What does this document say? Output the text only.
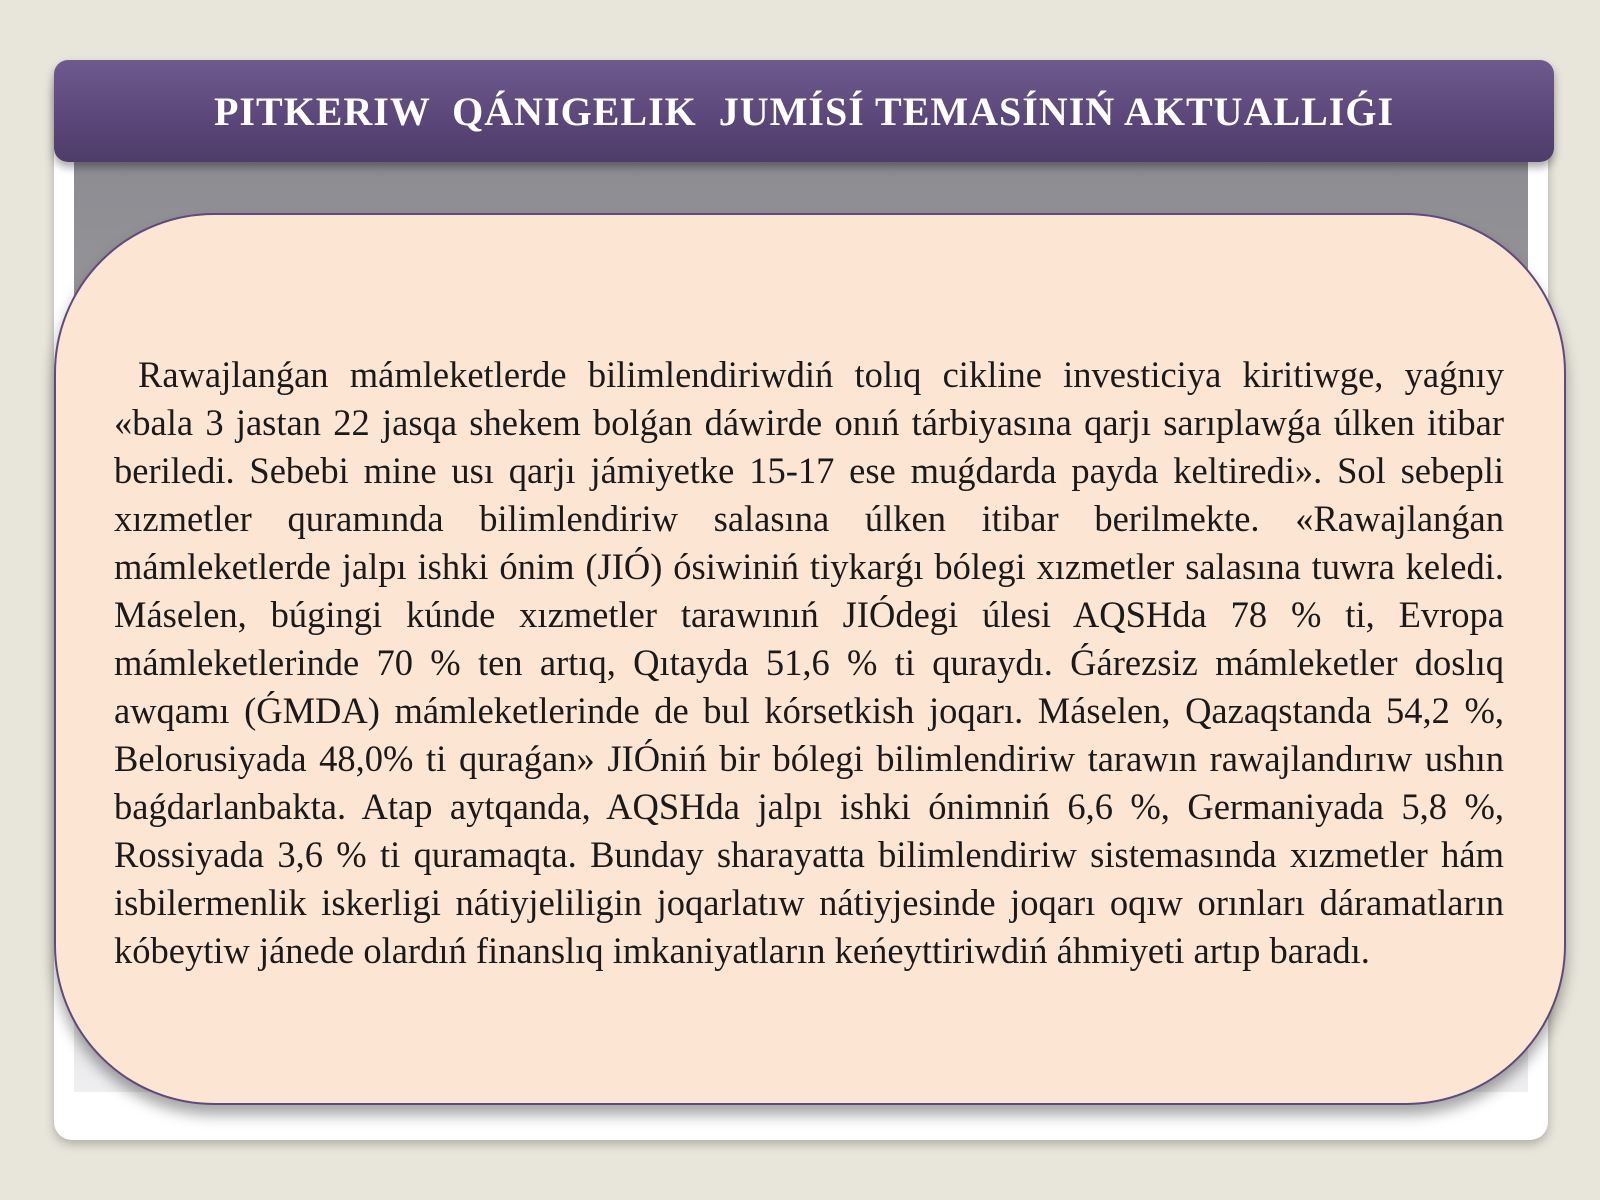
PITKERIW  QÁNIGELIK  JUMÍSÍ TEMASÍNIŃ AKTUALLIǴI

Rawajlanǵan mámleketlerde bilimlendiriwdiń tolıq cikline investiciya kiritiwge, yaǵnıy «bala 3 jastan 22 jasqa shekem bolǵan dáwirde onıń tárbiyasına qarjı sarıplawǵa úlken itibar beriledi. Sebebi mine usı qarjı jámiyetke 15-17 ese muǵdarda payda keltiredi». Sol sebepli xızmetler quramında bilimlendiriw salasına úlken itibar berilmekte. «Rawajlanǵan mámleketlerde jalpı ishki ónim (JIÓ) ósiwiniń tiykarǵı bólegi xızmetler salasına tuwra keledi. Máselen, búgingi kúnde xızmetler tarawınıń JIÓdegi úlesi AQSHda 78 % ti, Evropa mámleketlerinde 70 % ten artıq, Qıtayda 51,6 % ti quraydı. Ǵárezsiz mámleketler doslıq awqamı (ǴMDA) mámleketlerinde de bul kórsetkish joqarı. Máselen, Qazaqstanda 54,2 %, Belorusiyada 48,0% ti quraǵan» JIÓniń bir bólegi bilimlendiriw tarawın rawajlandırıw ushın baǵdarlanbakta. Atap aytqanda, AQSHda jalpı ishki ónimniń 6,6 %, Germaniyada 5,8 %, Rossiyada 3,6 % ti quramaqta. Bunday sharayatta bilimlendiriw sistemasında xızmetler hám isbilermenlik iskerligi nátiyjeliligin joqarlatıw nátiyjesinde joqarı oqıw orınları dáramatların kóbeytiw jánede olardıń finanslıq imkaniyatların keńeyttiriwdiń áhmiyeti artıp baradı.
